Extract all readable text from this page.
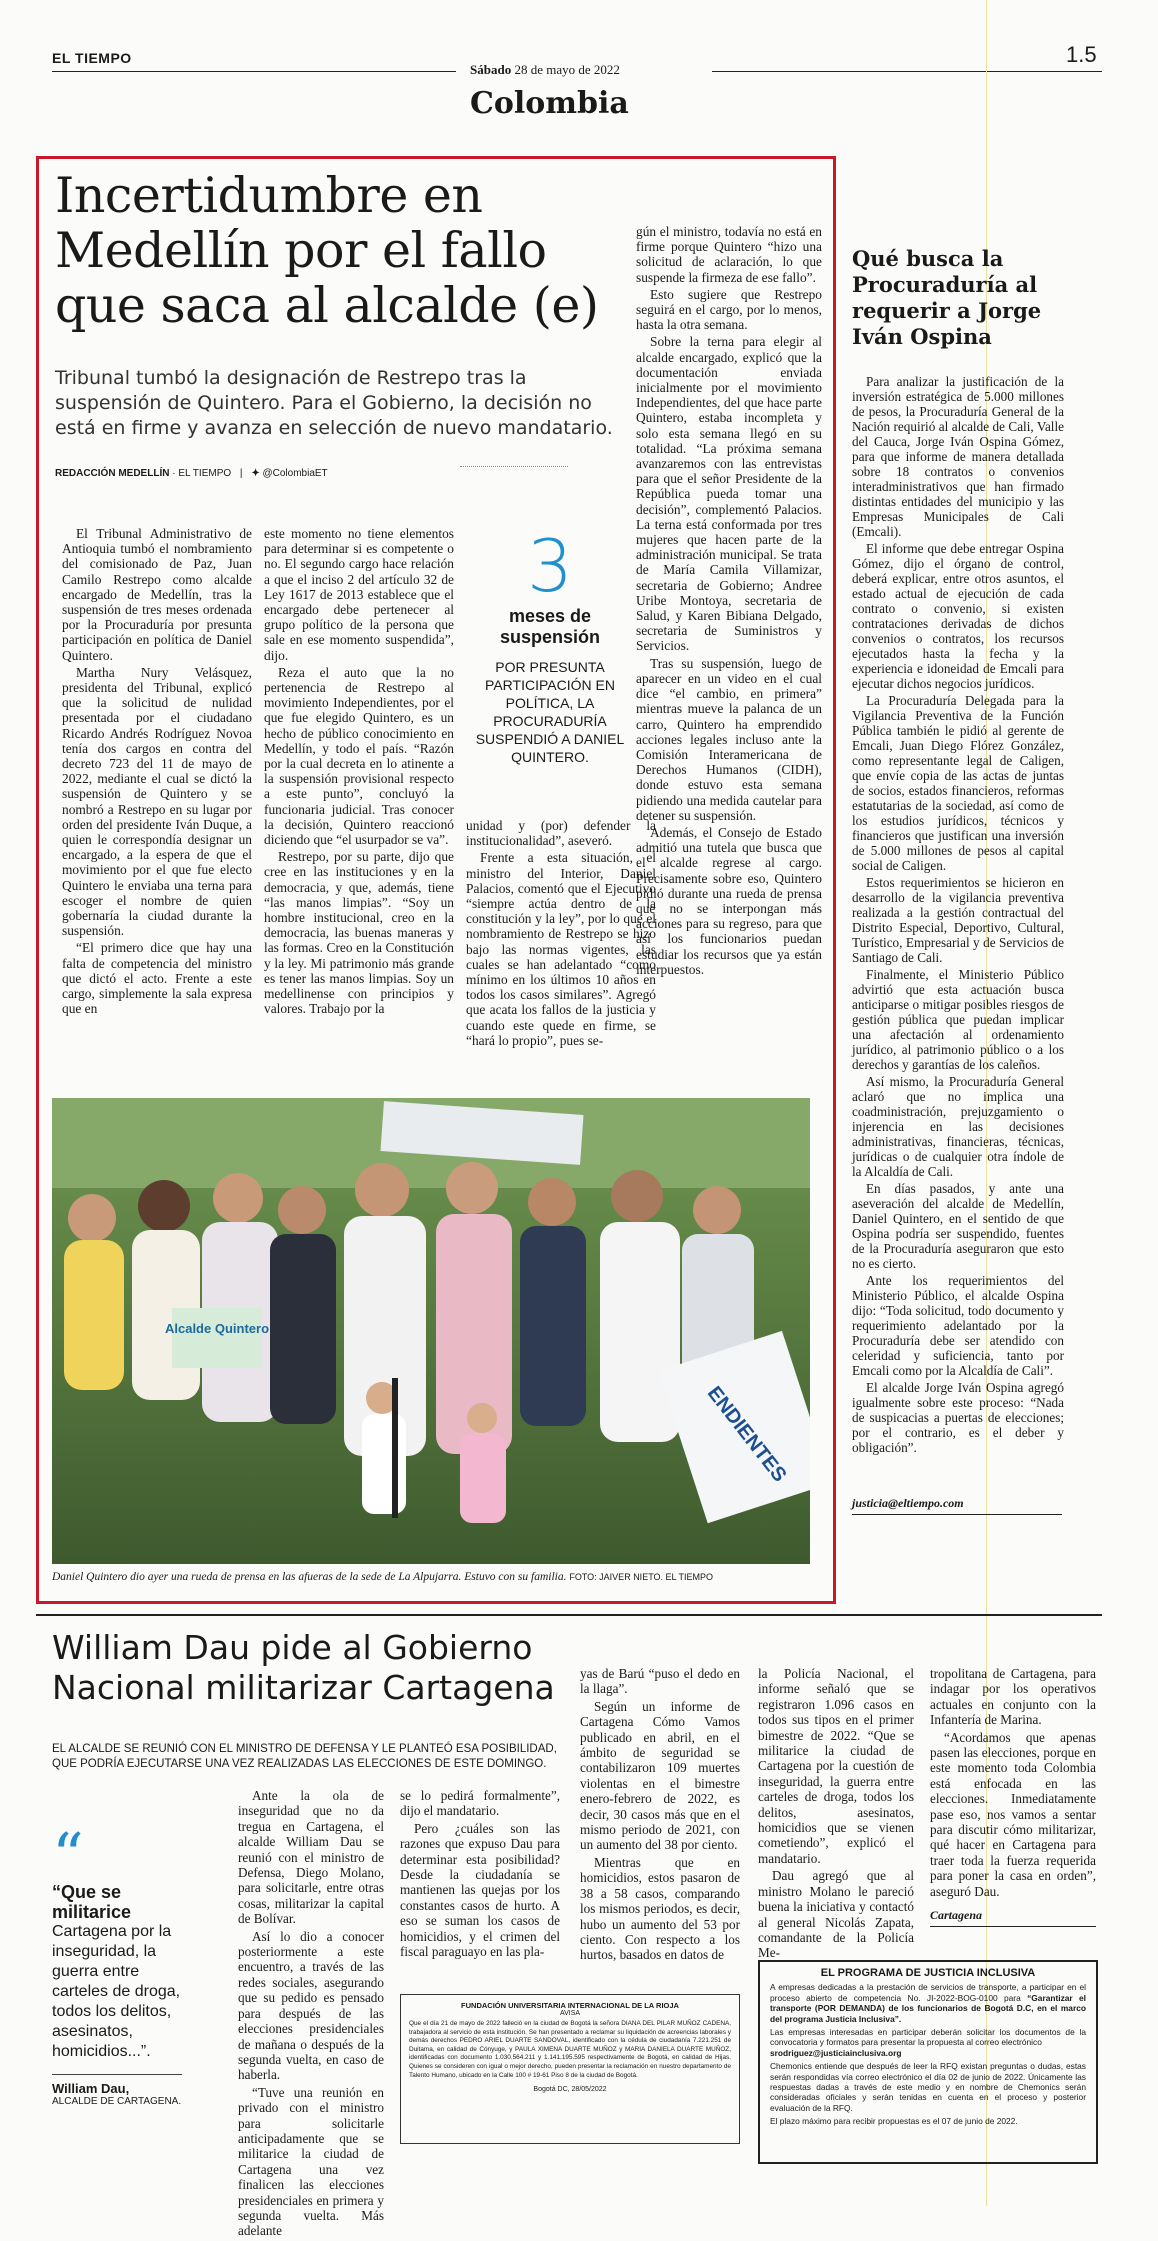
EL TIEMPO
Sábado 28 de mayo de 2022
Colombia
1.5
Incertidumbre en Medellín por el fallo que saca al alcalde (e)
Tribunal tumbó la designación de Restrepo tras la suspensión de Quintero. Para el Gobierno, la decisión no está en firme y avanza en selección de nuevo mandatario.
REDACCIÓN MEDELLÍN · EL TIEMPO | ✦ @ColombiaET

El Tribunal Administrativo de Antioquia tumbó el nombramiento del comisionado de Paz, Juan Camilo Restrepo como alcalde encargado de Medellín, tras la suspensión de tres meses ordenada por la Procuraduría por presunta participación en política de Daniel Quintero.

Martha Nury Velásquez, presidenta del Tribunal, explicó que la solicitud de nulidad presentada por el ciudadano Ricardo Andrés Rodríguez Novoa tenía dos cargos en contra del decreto 723 del 11 de mayo de 2022, mediante el cual se dictó la suspensión de Quintero y se nombró a Restrepo en su lugar por orden del presidente Iván Duque, a quien le correspondía designar un encargado, a la espera de que el movimiento por el que fue electo Quintero le enviaba una terna para escoger el nombre de quien gobernaría la ciudad durante la suspensión.

“El primero dice que hay una falta de competencia del ministro que dictó el acto. Frente a este cargo, simplemente la sala expresa que en

este momento no tiene elementos para determinar si es competente o no. El segundo cargo hace relación a que el inciso 2 del artículo 32 de Ley 1617 de 2013 establece que el encargado debe pertenecer al grupo político de la persona que sale en ese momento suspendida”, dijo.

Reza el auto que la no pertenencia de Restrepo al movimiento Independientes, por el que fue elegido Quintero, es un hecho de público conocimiento en Medellín, y todo el país. “Razón por la cual decreta en lo atinente a la suspensión provisional respecto a este punto”, concluyó la funcionaria judicial. Tras conocer la decisión, Quintero reaccionó diciendo que “el usurpador se va”.

Restrepo, por su parte, dijo que cree en las instituciones y en la democracia, y que, además, tiene “las manos limpias”. “Soy un hombre institucional, creo en la democracia, las buenas maneras y las formas. Creo en la Constitución y la ley. Mi patrimonio más grande es tener las manos limpias. Soy un medellinense con principios y valores. Trabajo por la

3
meses de suspensión
POR PRESUNTA PARTICIPACIÓN EN POLÍTICA, LA PROCURADURÍA SUSPENDIÓ A DANIEL QUINTERO.

unidad y (por) defender la institucionalidad”, aseveró.

Frente a esta situación, el ministro del Interior, Daniel Palacios, comentó que el Ejecutivo “siempre actúa dentro de la constitución y la ley”, por lo que el nombramiento de Restrepo se hizo bajo las normas vigentes, las cuales se han adelantado “como mínimo en los últimos 10 años en todos los casos similares”. Agregó que acata los fallos de la justicia y cuando este quede en firme, se “hará lo propio”, pues se-

gún el ministro, todavía no está en firme porque Quintero “hizo una solicitud de aclaración, lo que suspende la firmeza de ese fallo”.

Esto sugiere que Restrepo seguirá en el cargo, por lo menos, hasta la otra semana.

Sobre la terna para elegir al alcalde encargado, explicó que la documentación enviada inicialmente por el movimiento Independientes, del que hace parte Quintero, estaba incompleta y solo esta semana llegó en su totalidad. “La próxima semana avanzaremos con las entrevistas para que el señor Presidente de la República pueda tomar una decisión”, complementó Palacios. La terna está conformada por tres mujeres que hacen parte de la administración municipal. Se trata de María Camila Villamizar, secretaria de Gobierno; Andree Uribe Montoya, secretaria de Salud, y Karen Bibiana Delgado, secretaria de Suministros y Servicios.

Tras su suspensión, luego de aparecer en un video en el cual dice “el cambio, en primera” mientras mueve la palanca de un carro, Quintero ha emprendido acciones legales incluso ante la Comisión Interamericana de Derechos Humanos (CIDH), donde estuvo esta semana pidiendo una medida cautelar para detener su suspensión.

Además, el Consejo de Estado admitió una tutela que busca que el alcalde regrese al cargo. Precisamente sobre eso, Quintero pidió durante una rueda de prensa que no se interpongan más acciones para su regreso, para que así los funcionarios puedan estudiar los recursos que ya están interpuestos.

Alcalde Quintero
ENDIENTES
Daniel Quintero dio ayer una rueda de prensa en las afueras de la sede de La Alpujarra. Estuvo con su familia. FOTO: JAIVER NIETO. EL TIEMPO
Qué busca la Procuraduría al requerir a Jorge Iván Ospina

Para analizar la justificación de la inversión estratégica de 5.000 millones de pesos, la Procuraduría General de la Nación requirió al alcalde de Cali, Valle del Cauca, Jorge Iván Ospina Gómez, para que informe de manera detallada sobre 18 contratos o convenios interadministrativos que han firmado distintas entidades del municipio y las Empresas Municipales de Cali (Emcali).

El informe que debe entregar Ospina Gómez, dijo el órgano de control, deberá explicar, entre otros asuntos, el estado actual de ejecución de cada contrato o convenio, si existen contrataciones derivadas de dichos convenios o contratos, los recursos ejecutados hasta la fecha y la experiencia e idoneidad de Emcali para ejecutar dichos negocios jurídicos.

La Procuraduría Delegada para la Vigilancia Preventiva de la Función Pública también le pidió al gerente de Emcali, Juan Diego Flórez González, como representante legal de Caligen, que envíe copia de las actas de juntas de socios, estados financieros, reformas estatutarias de la sociedad, así como de los estudios jurídicos, técnicos y financieros que justifican una inversión de 5.000 millones de pesos al capital social de Caligen.

Estos requerimientos se hicieron en desarrollo de la vigilancia preventiva realizada a la gestión contractual del Distrito Especial, Deportivo, Cultural, Turístico, Empresarial y de Servicios de Santiago de Cali.

Finalmente, el Ministerio Público advirtió que esta actuación busca anticiparse o mitigar posibles riesgos de gestión pública que puedan implicar una afectación al ordenamiento jurídico, al patrimonio público o a los derechos y garantías de los caleños.

Así mismo, la Procuraduría General aclaró que no implica una coadministración, prejuzgamiento o injerencia en las decisiones administrativas, financieras, técnicas, jurídicas o de cualquier otra índole de la Alcaldía de Cali.

En días pasados, y ante una aseveración del alcalde de Medellín, Daniel Quintero, en el sentido de que Ospina podría ser suspendido, fuentes de la Procuraduría aseguraron que esto no es cierto.

Ante los requerimientos del Ministerio Público, el alcalde Ospina dijo: “Toda solicitud, todo documento y requerimiento adelantado por la Procuraduría debe ser atendido con celeridad y suficiencia, tanto por Emcali como por la Alcaldía de Cali”.

El alcalde Jorge Iván Ospina agregó igualmente sobre este proceso: “Nada de suspicacias a puertas de elecciones; por el contrario, es el deber y obligación”.

justicia@eltiempo.com
William Dau pide al Gobierno Nacional militarizar Cartagena
EL ALCALDE SE REUNIÓ CON EL MINISTRO DE DEFENSA Y LE PLANTEÓ ESA POSIBILIDAD, QUE PODRÍA EJECUTARSE UNA VEZ REALIZADAS LAS ELECCIONES DE ESTE DOMINGO.
“
“Que se militarice
Cartagena por la inseguridad, la guerra entre carteles de droga, todos los delitos, asesinatos, homicidios...”.
William Dau,
ALCALDE DE CARTAGENA.

Ante la ola de inseguridad que no da tregua en Cartagena, el alcalde William Dau se reunió con el ministro de Defensa, Diego Molano, para solicitarle, entre otras cosas, militarizar la capital de Bolívar.

Así lo dio a conocer posteriormente a este encuentro, a través de las redes sociales, asegurando que su pedido es pensado para después de las elecciones presidenciales de mañana o después de la segunda vuelta, en caso de haberla.

“Tuve una reunión en privado con el ministro para solicitarle anticipadamente que se militarice la ciudad de Cartagena una vez finalicen las elecciones presidenciales en primera y segunda vuelta. Más adelante

se lo pedirá formalmente”, dijo el mandatario.

Pero ¿cuáles son las razones que expuso Dau para determinar esta posibilidad? Desde la ciudadanía se mantienen las quejas por los constantes casos de hurto. A eso se suman los casos de homicidios, y el crimen del fiscal paraguayo en las pla-

yas de Barú “puso el dedo en la llaga”.

Según un informe de Cartagena Cómo Vamos publicado en abril, en el ámbito de seguridad se contabilizaron 109 muertes violentas en el bimestre enero-febrero de 2022, es decir, 30 casos más que en el mismo periodo de 2021, con un aumento del 38 por ciento.

Mientras que en homicidios, estos pasaron de 38 a 58 casos, comparando los mismos periodos, es decir, hubo un aumento del 53 por ciento. Con respecto a los hurtos, basados en datos de

la Policía Nacional, el informe señaló que se registraron 1.096 casos en todos sus tipos en el primer bimestre de 2022. “Que se militarice la ciudad de Cartagena por la cuestión de inseguridad, la guerra entre carteles de droga, todos los delitos, asesinatos, homicidios que se vienen cometiendo”, explicó el mandatario.

Dau agregó que al ministro Molano le pareció buena la iniciativa y contactó al general Nicolás Zapata, comandante de la Policía Me-

tropolitana de Cartagena, para indagar por los operativos actuales en conjunto con la Infantería de Marina.

“Acordamos que apenas pasen las elecciones, porque en este momento toda Colombia está enfocada en las elecciones. Inmediatamente pase eso, nos vamos a sentar para discutir cómo militarizar, qué hacer en Cartagena para traer toda la fuerza requerida para poner la casa en orden”, aseguró Dau.

Cartagena
FUNDACIÓN UNIVERSITARIA INTERNACIONAL DE LA RIOJA
AVISA
Que el día 21 de mayo de 2022 falleció en la ciudad de Bogotá la señora DIANA DEL PILAR MUÑOZ CADENA, trabajadora al servicio de esta institución. Se han presentado a reclamar su liquidación de acreencias laborales y demás derechos PEDRO ARIEL DUARTE SANDOVAL, identificado con la cédula de ciudadanía 7.221.251 de Duitama, en calidad de Cónyuge, y PAULA XIMENA DUARTE MUÑOZ y MARIA DANIELA DUARTE MUÑOZ, identificadas con documento 1.030.564.211 y 1.141.195.595 respectivamente de Bogotá, en calidad de Hijas. Quienes se consideren con igual o mejor derecho, pueden presentar la reclamación en nuestro departamento de Talento Humano, ubicado en la Calle 100 # 19-61 Piso 8 de la ciudad de Bogotá.
Bogotá DC, 28/05/2022
EL PROGRAMA DE JUSTICIA INCLUSIVA
A empresas dedicadas a la prestación de servicios de transporte, a participar en el proceso abierto de competencia No. JI-2022-BOG-0100 para “Garantizar el transporte (POR DEMANDA) de los funcionarios de Bogotá D.C, en el marco del programa Justicia Inclusiva”.
Las empresas interesadas en participar deberán solicitar los documentos de la convocatoria y formatos para presentar la propuesta al correo electrónico
srodriguez@justiciainclusiva.org
Chemonics entiende que después de leer la RFQ existan preguntas o dudas, estas serán respondidas vía correo electrónico el día 02 de junio de 2022. Únicamente las respuestas dadas a través de este medio y en nombre de Chemonics serán consideradas oficiales y serán tenidas en cuenta en el proceso y posterior evaluación de la RFQ.
El plazo máximo para recibir propuestas es el 07 de junio de 2022.
